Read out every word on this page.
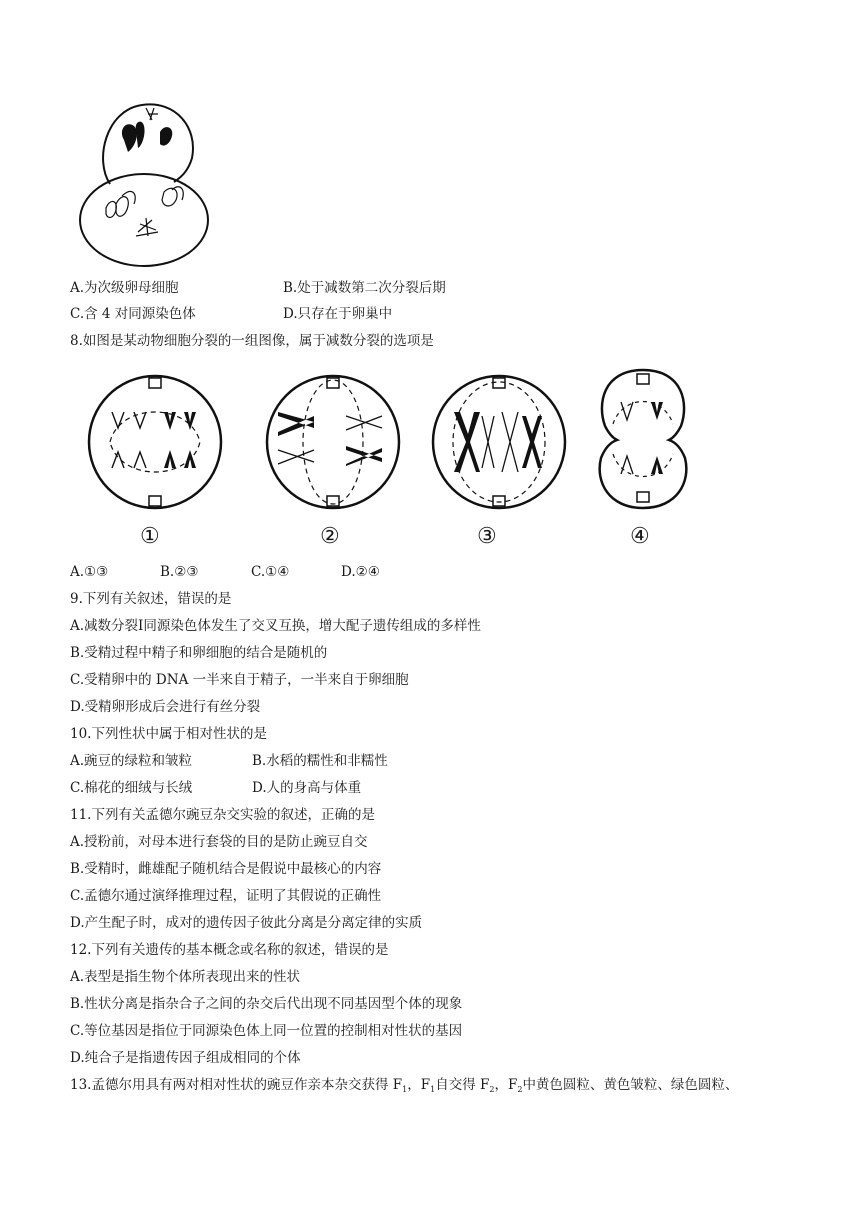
A.为次级卵母细胞	B.处于减数第二次分裂后期
C.含 4 对同源染色体	D.只存在于卵巢中
8.如图是某动物细胞分裂的一组图像，属于减数分裂的选项是
①	②	③	④
A.①③	B.②③	C.①④	D.②④
9.下列有关叙述，错误的是
A.减数分裂Ⅰ同源染色体发生了交叉互换，增大配子遗传组成的多样性
B.受精过程中精子和卵细胞的结合是随机的
C.受精卵中的 DNA 一半来自于精子，一半来自于卵细胞
D.受精卵形成后会进行有丝分裂
10.下列性状中属于相对性状的是
A.豌豆的绿粒和皱粒	B.水稻的糯性和非糯性
C.棉花的细绒与长绒	D.人的身高与体重
11.下列有关孟德尔豌豆杂交实验的叙述，正确的是
A.授粉前，对母本进行套袋的目的是防止豌豆自交
B.受精时，雌雄配子随机结合是假说中最核心的内容
C.孟德尔通过演绎推理过程，证明了其假说的正确性
D.产生配子时，成对的遗传因子彼此分离是分离定律的实质
12.下列有关遗传的基本概念或名称的叙述，错误的是
A.表型是指生物个体所表现出来的性状
B.性状分离是指杂合子之间的杂交后代出现不同基因型个体的现象
C.等位基因是指位于同源染色体上同一位置的控制相对性状的基因
D.纯合子是指遗传因子组成相同的个体
13.孟德尔用具有两对相对性状的豌豆作亲本杂交获得 $F_1$，$F_1$自交得 $F_2$，$F_2$中黄色圆粒、黄色皱粒、绿色圆粒、
